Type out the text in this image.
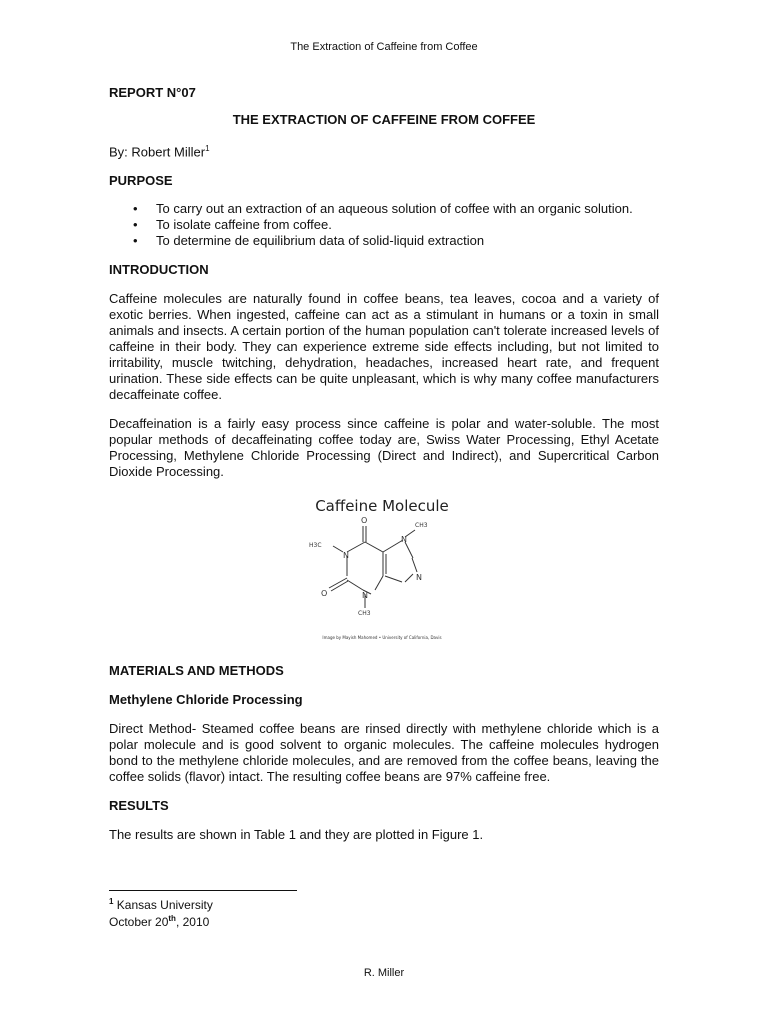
The Extraction of Caffeine from Coffee

REPORT N°07

THE EXTRACTION OF CAFFEINE FROM COFFEE

By: Robert Miller$^1$

PURPOSE

• To carry out an extraction of an aqueous solution of coffee with an organic solution.
• To isolate caffeine from coffee.
• To determine de equilibrium data of solid-liquid extraction

INTRODUCTION

Caffeine molecules are naturally found in coffee beans, tea leaves, cocoa and a variety of exotic berries. When ingested, caffeine can act as a stimulant in humans or a toxin in small animals and insects. A certain portion of the human population can't tolerate increased levels of caffeine in their body. They can experience extreme side effects including, but not limited to irritability, muscle twitching, dehydration, headaches, increased heart rate, and frequent urination. These side effects can be quite unpleasant, which is why many coffee manufacturers decaffeinate coffee.

Decaffeination is a fairly easy process since caffeine is polar and water-soluble. The most popular methods of decaffeinating coffee today are, Swiss Water Processing, Ethyl Acetate Processing, Methylene Chloride Processing (Direct and Indirect), and Supercritical Carbon Dioxide Processing.

Caffeine Molecule
O
O
N
N
N
N
H3C
CH3
CH3
Image by Mayish Mahomed • University of California, Davis

MATERIALS AND METHODS

Methylene Chloride Processing

Direct Method- Steamed coffee beans are rinsed directly with methylene chloride which is a polar molecule and is good solvent to organic molecules. The caffeine molecules hydrogen bond to the methylene chloride molecules, and are removed from the coffee beans, leaving the coffee solids (flavor) intact. The resulting coffee beans are 97% caffeine free.

RESULTS

The results are shown in Table 1 and they are plotted in Figure 1.

$^1$ Kansas University
October 20th, 2010
R. Miller
